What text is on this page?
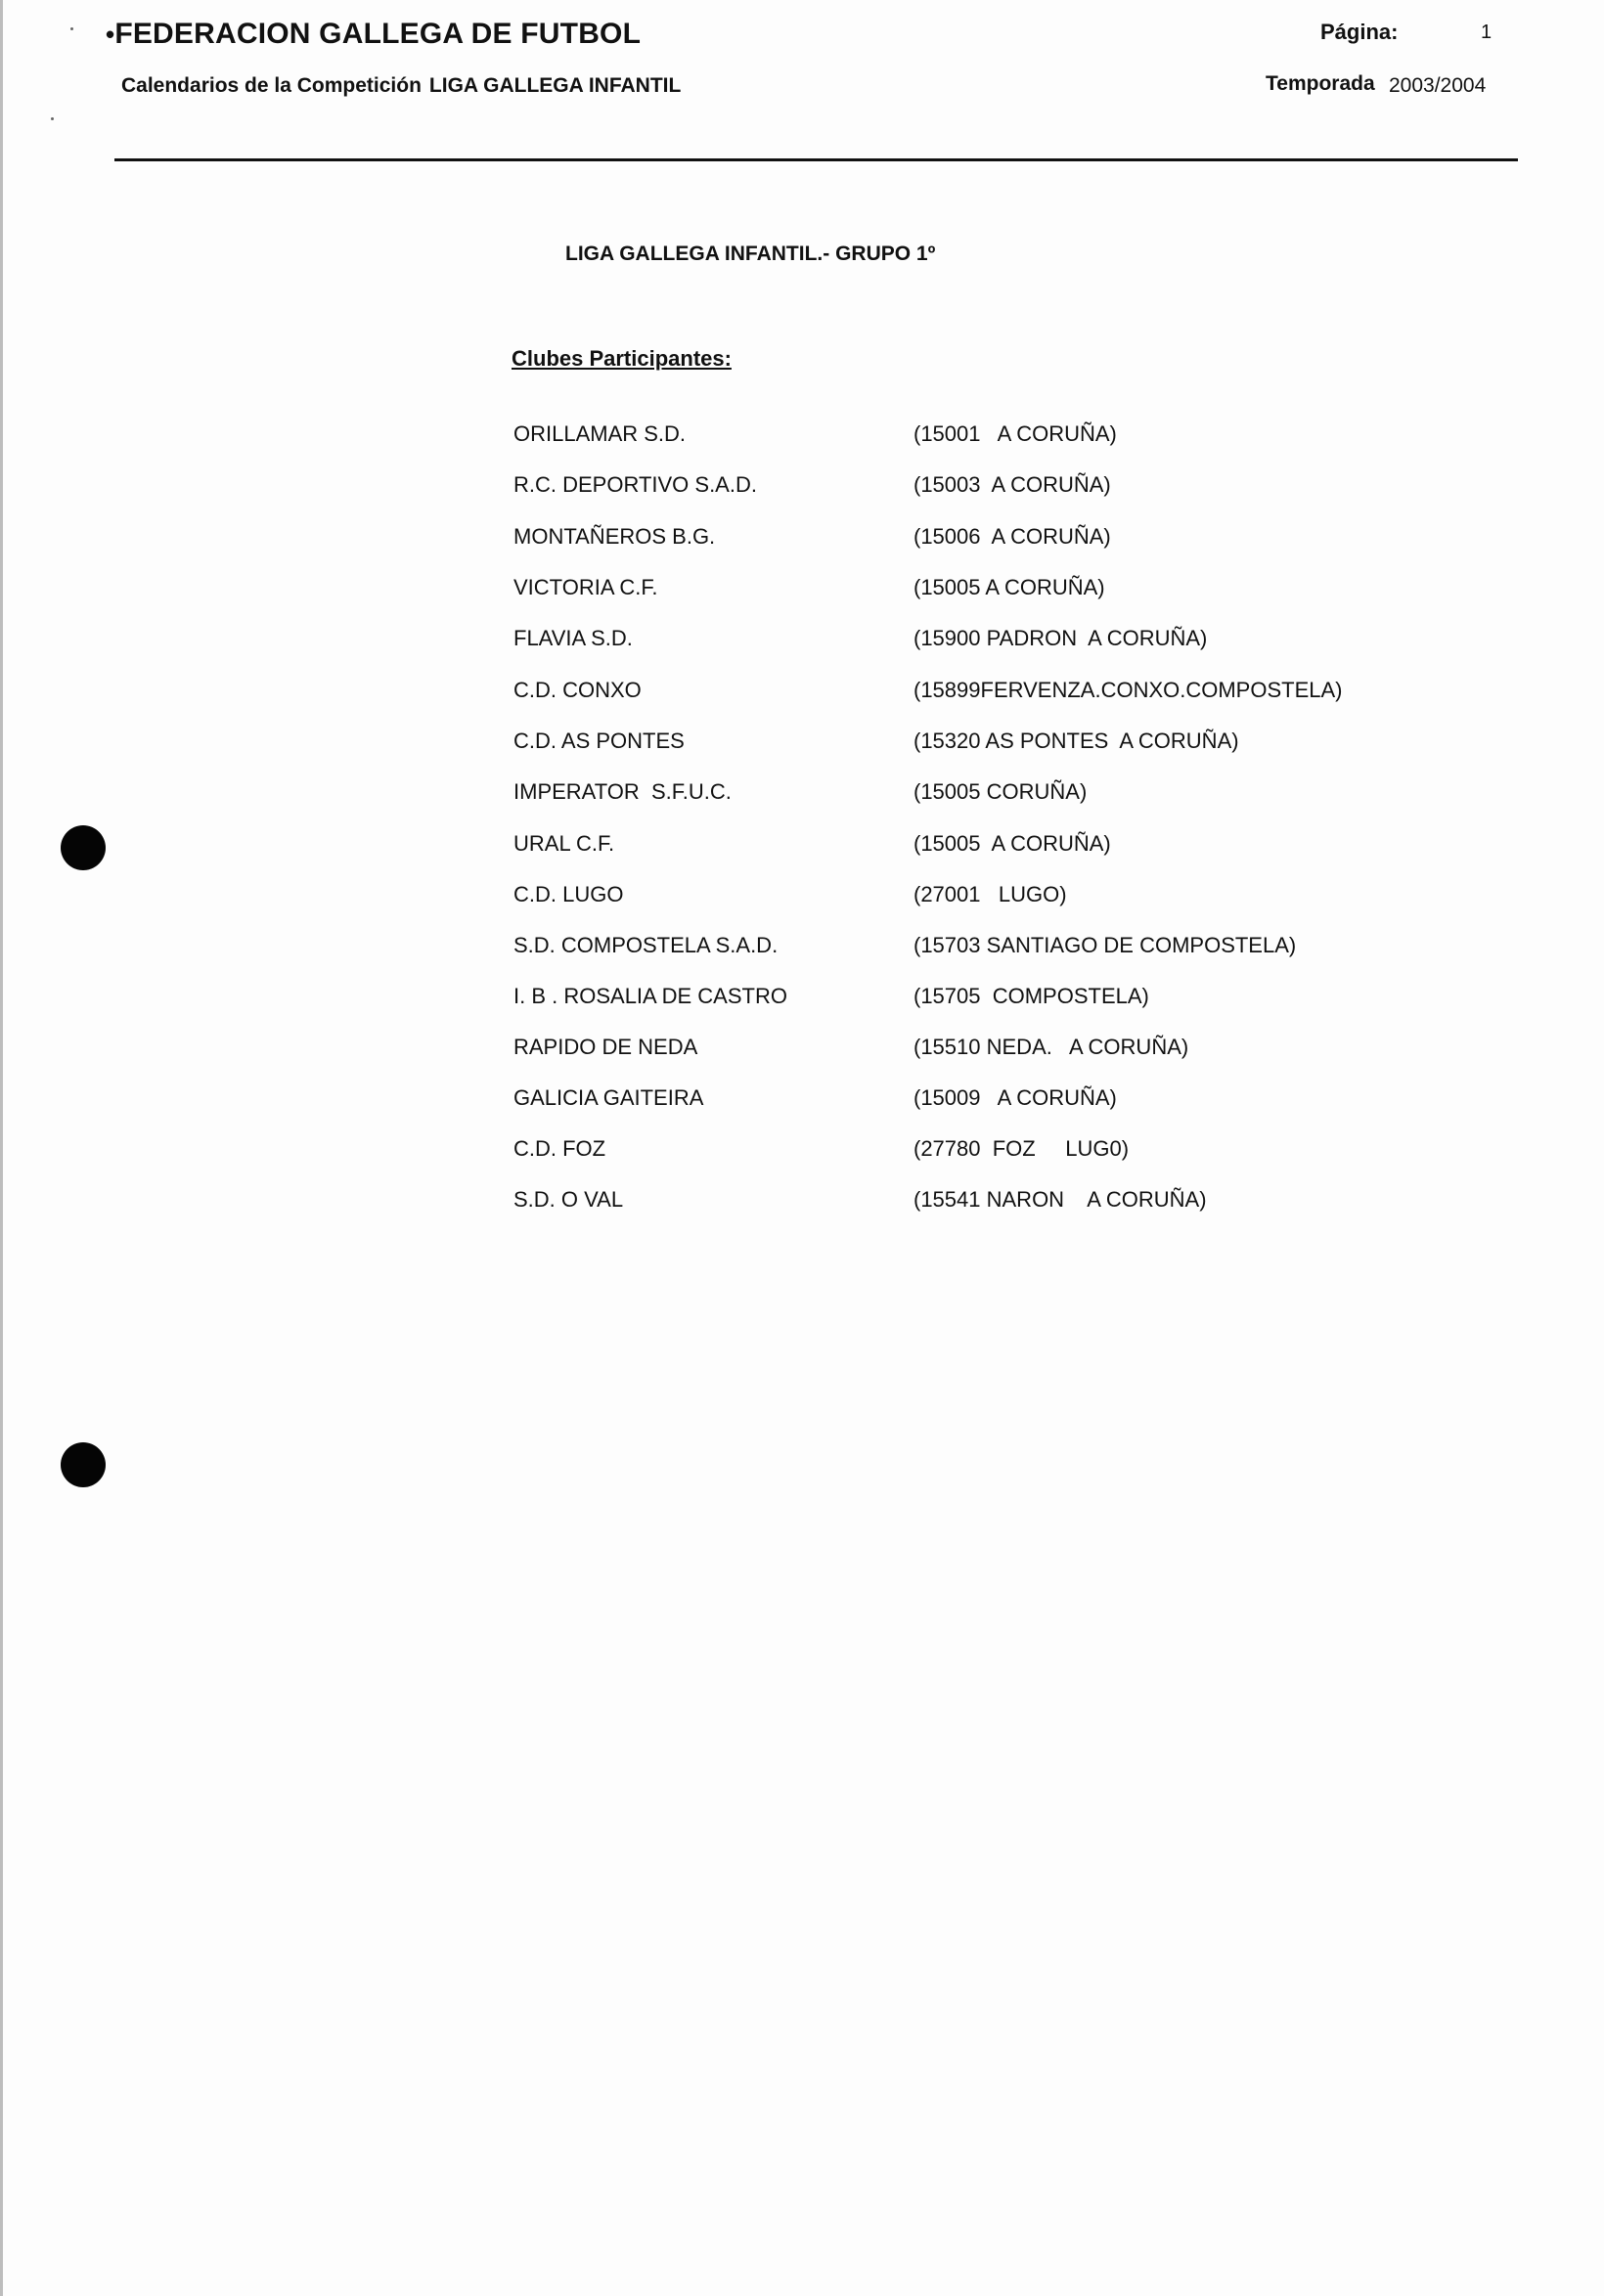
•FEDERACION GALLEGA DE FUTBOL
Calendarios de la Competición LIGA GALLEGA INFANTIL
Página:	1
Temporada 2003/2004
LIGA GALLEGA INFANTIL.- GRUPO 1º
Clubes Participantes:
ORILLAMAR S.D.	(15001   A CORUÑA)
R.C. DEPORTIVO S.A.D.	(15003  A CORUÑA)
MONTAÑEROS B.G.	(15006  A CORUÑA)
VICTORIA C.F.	(15005 A CORUÑA)
FLAVIA S.D.	(15900 PADRON  A CORUÑA)
C.D. CONXO	(15899FERVENZA.CONXO.COMPOSTELA)
C.D. AS PONTES	(15320 AS PONTES  A CORUÑA)
IMPERATOR  S.F.U.C.	(15005 CORUÑA)
URAL C.F.	(15005  A CORUÑA)
C.D. LUGO	(27001   LUGO)
S.D. COMPOSTELA S.A.D.	(15703 SANTIAGO DE COMPOSTELA)
I. B . ROSALIA DE CASTRO	(15705  COMPOSTELA)
RAPIDO DE NEDA	(15510 NEDA.   A CORUÑA)
GALICIA GAITEIRA	(15009   A CORUÑA)
C.D. FOZ	(27780  FOZ     LUG0)
S.D. O VAL	(15541 NARON    A CORUÑA)
